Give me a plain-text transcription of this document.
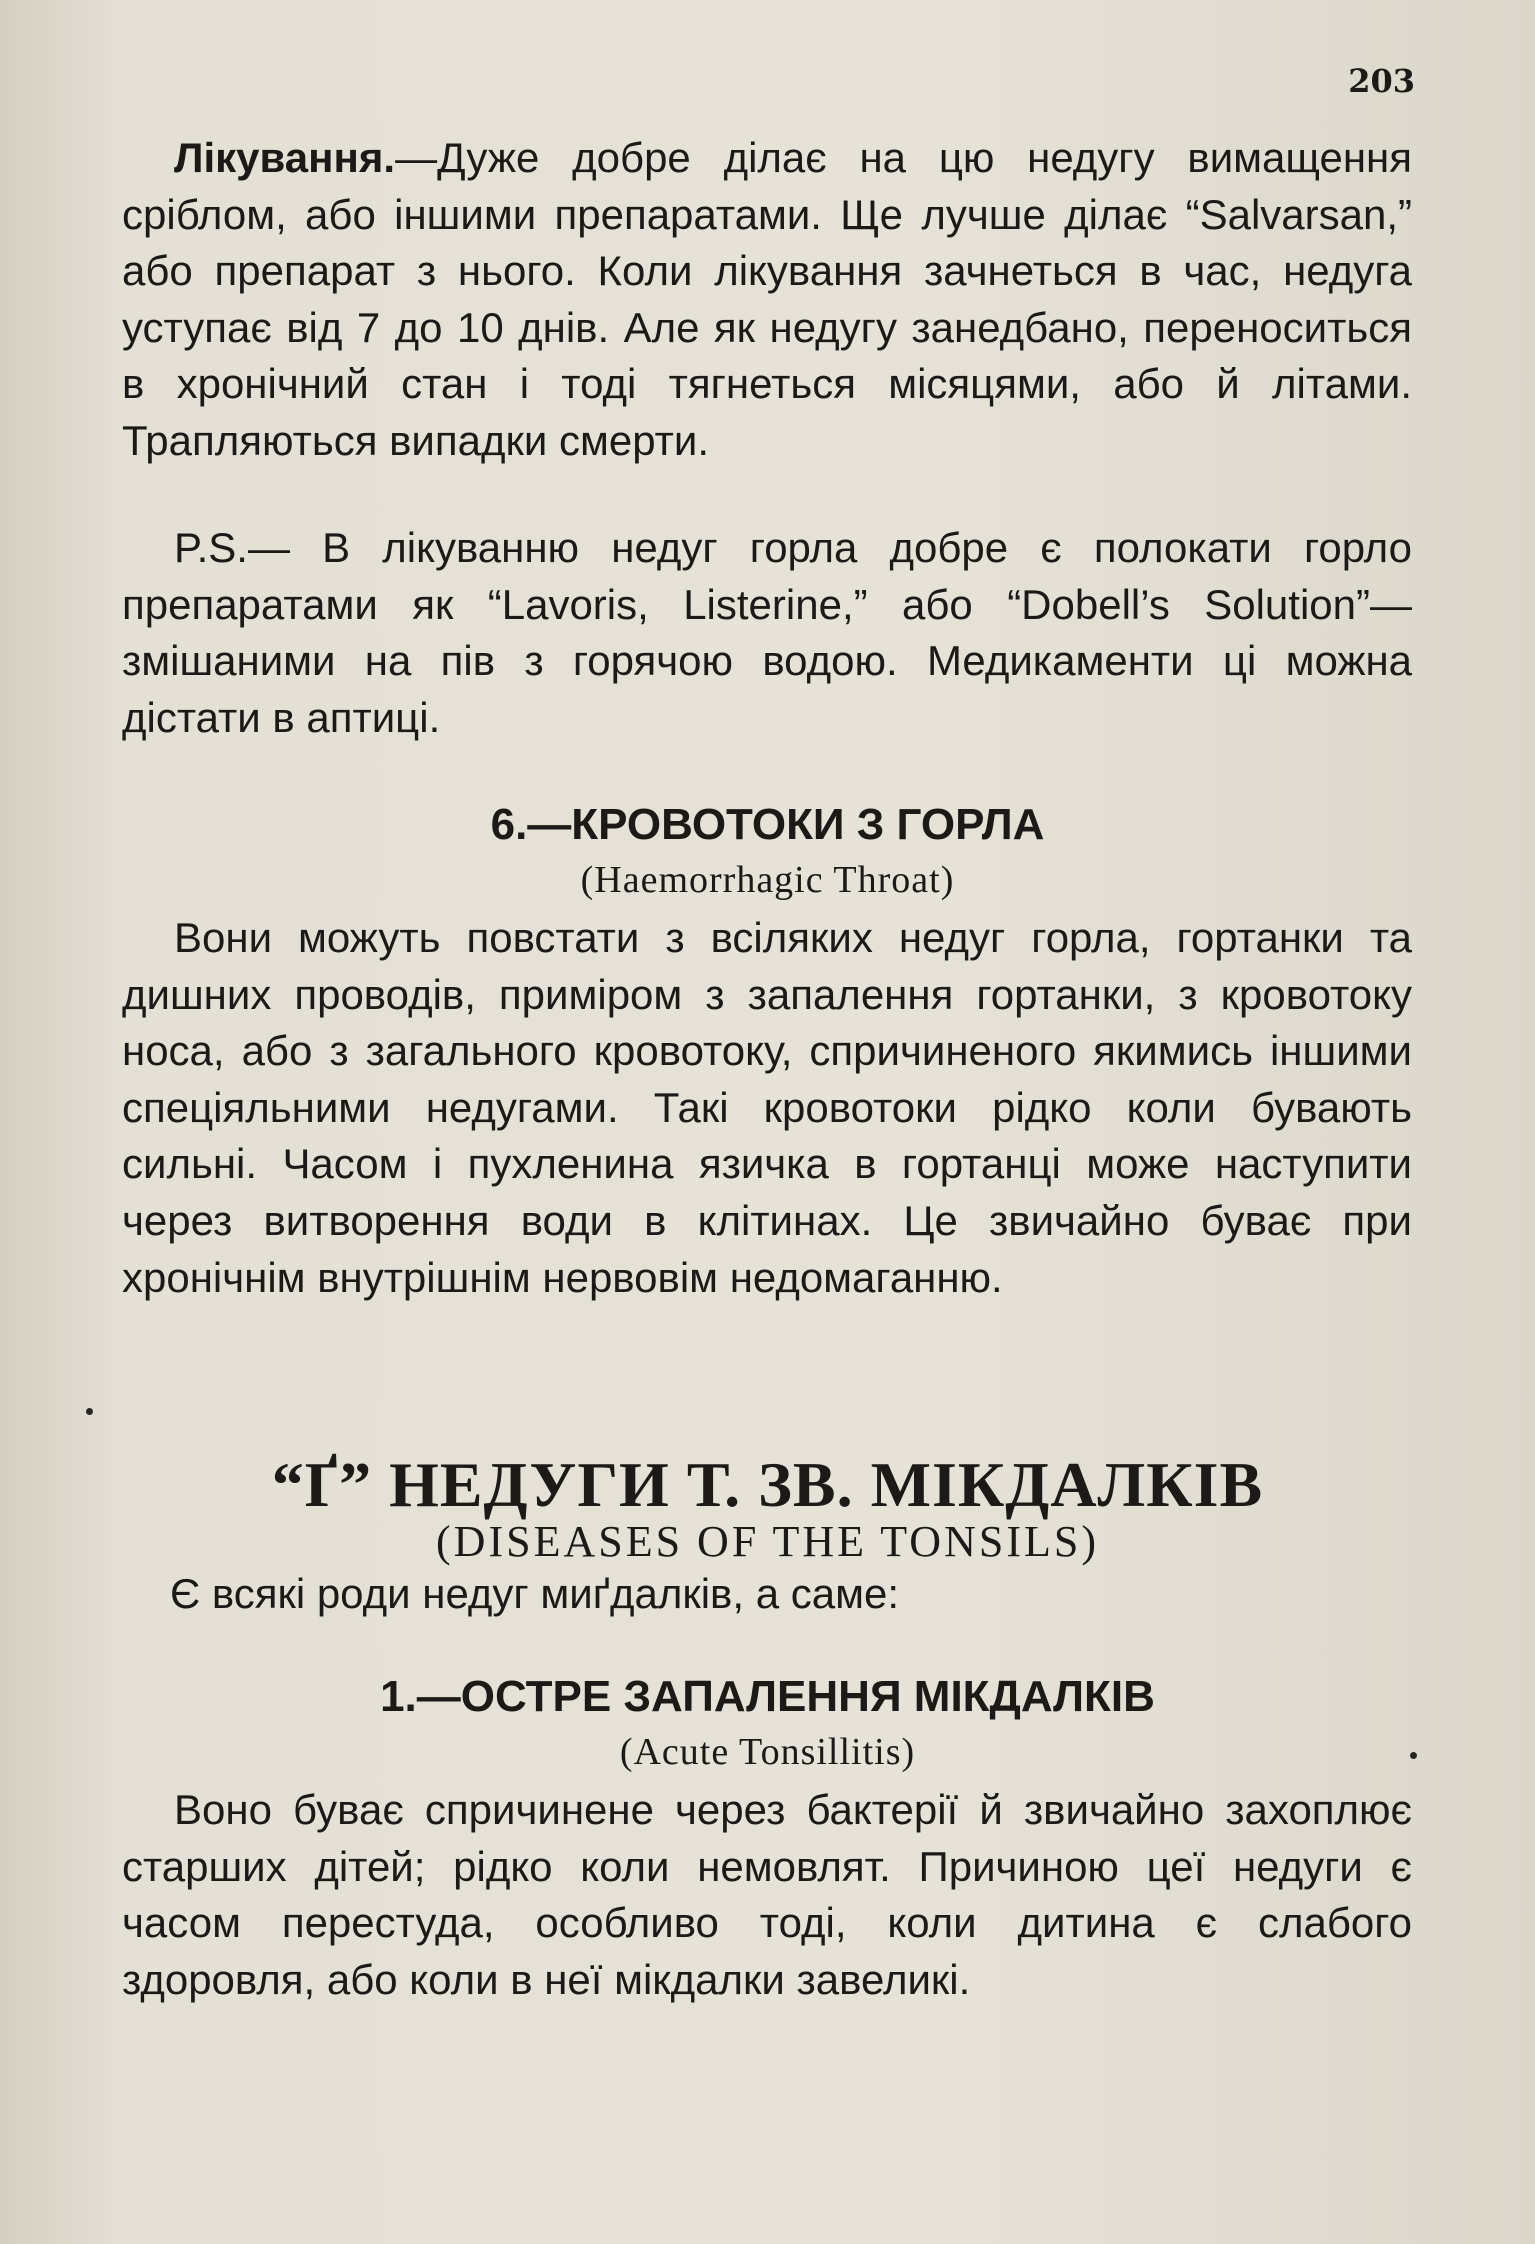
203

Лікування.—Дуже добре ділає на цю недугу вимащення сріблом, або іншими препаратами. Ще лучше ділає “Salvarsan,” або препарат з нього. Коли лікування зачнеться в час, недуга уступає від 7 до 10 днів. Але як недугу занедбано, переноситься в хронічний стан і тоді тягнеться місяцями, або й літами. Трапляються випадки смерти.

P.S.— В лікуванню недуг горла добре є полокати горло препаратами як “Lavoris, Listerine,” або “Dobell’s Solution”—змішаними на пів з горячою водою. Медикаменти ці можна дістати в аптиці.

6.—КРОВОТОКИ З ГОРЛА
(Haemorrhagic Throat)

Вони можуть повстати з всіляких недуг горла, гортанки та дишних проводів, приміром з запалення гортанки, з кровотоку носа, або з загального кровотоку, спричиненого якимись іншими спеціяльними недугами. Такі кровотоки рідко коли бувають сильні. Часом і пухленина язичка в гортанці може наступити через витворення води в клітинах. Це звичайно буває при хронічнім внутрішнім нервовім недомаганню.

“Ґ” НЕДУГИ Т. ЗВ. МІКДАЛКІВ
(DISEASES OF THE TONSILS)

Є всякі роди недуг миґдалків, а саме:

1.—ОСТРЕ ЗАПАЛЕННЯ МІКДАЛКІВ
(Acute Tonsillitis)

Воно буває спричинене через бактерії й звичайно захоплює старших дітей; рідко коли немовлят. Причиною цеї недуги є часом перестуда, особливо тоді, коли дитина є слабого здоровля, або коли в неї мікдалки завеликі.
